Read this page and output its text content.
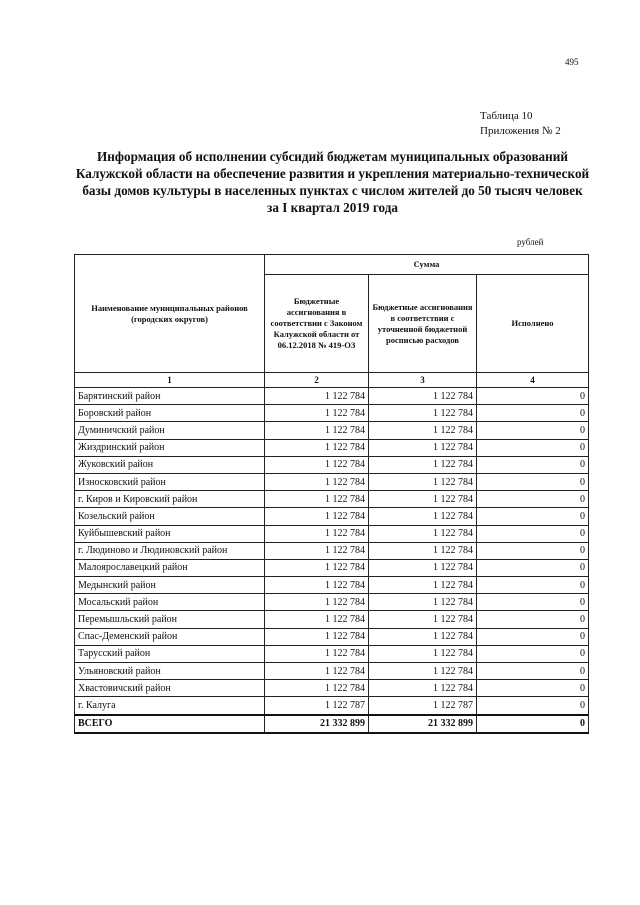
495
Таблица 10
Приложения № 2
Информация об исполнении субсидий бюджетам муниципальных образований Калужской области на обеспечение развития и укрепления материально-технической базы домов культуры в населенных пунктах с числом жителей до 50 тысяч человек за I квартал 2019 года
рублей
Наименование муниципальных районов (городских округов)	Сумма		
	Бюджетные ассигнования в соответствии с Законом Калужской области от 06.12.2018 № 419-ОЗ	Бюджетные ассигнования в соответствии с уточненной бюджетной росписью расходов	Исполнено
1	2	3	4
Барятинский район	1 122 784	1 122 784	0
Боровский район	1 122 784	1 122 784	0
Думиничский район	1 122 784	1 122 784	0
Жиздринский район	1 122 784	1 122 784	0
Жуковский район	1 122 784	1 122 784	0
Износковский район	1 122 784	1 122 784	0
г. Киров и Кировский район	1 122 784	1 122 784	0
Козельский район	1 122 784	1 122 784	0
Куйбышевский район	1 122 784	1 122 784	0
г. Людиново и Людиновский район	1 122 784	1 122 784	0
Малоярославецкий район	1 122 784	1 122 784	0
Медынский район	1 122 784	1 122 784	0
Мосальский район	1 122 784	1 122 784	0
Перемышльский район	1 122 784	1 122 784	0
Спас-Деменский район	1 122 784	1 122 784	0
Тарусский район	1 122 784	1 122 784	0
Ульяновский район	1 122 784	1 122 784	0
Хвастовичский район	1 122 784	1 122 784	0
г. Калуга	1 122 787	1 122 787	0
ВСЕГО	21 332 899	21 332 899	0
